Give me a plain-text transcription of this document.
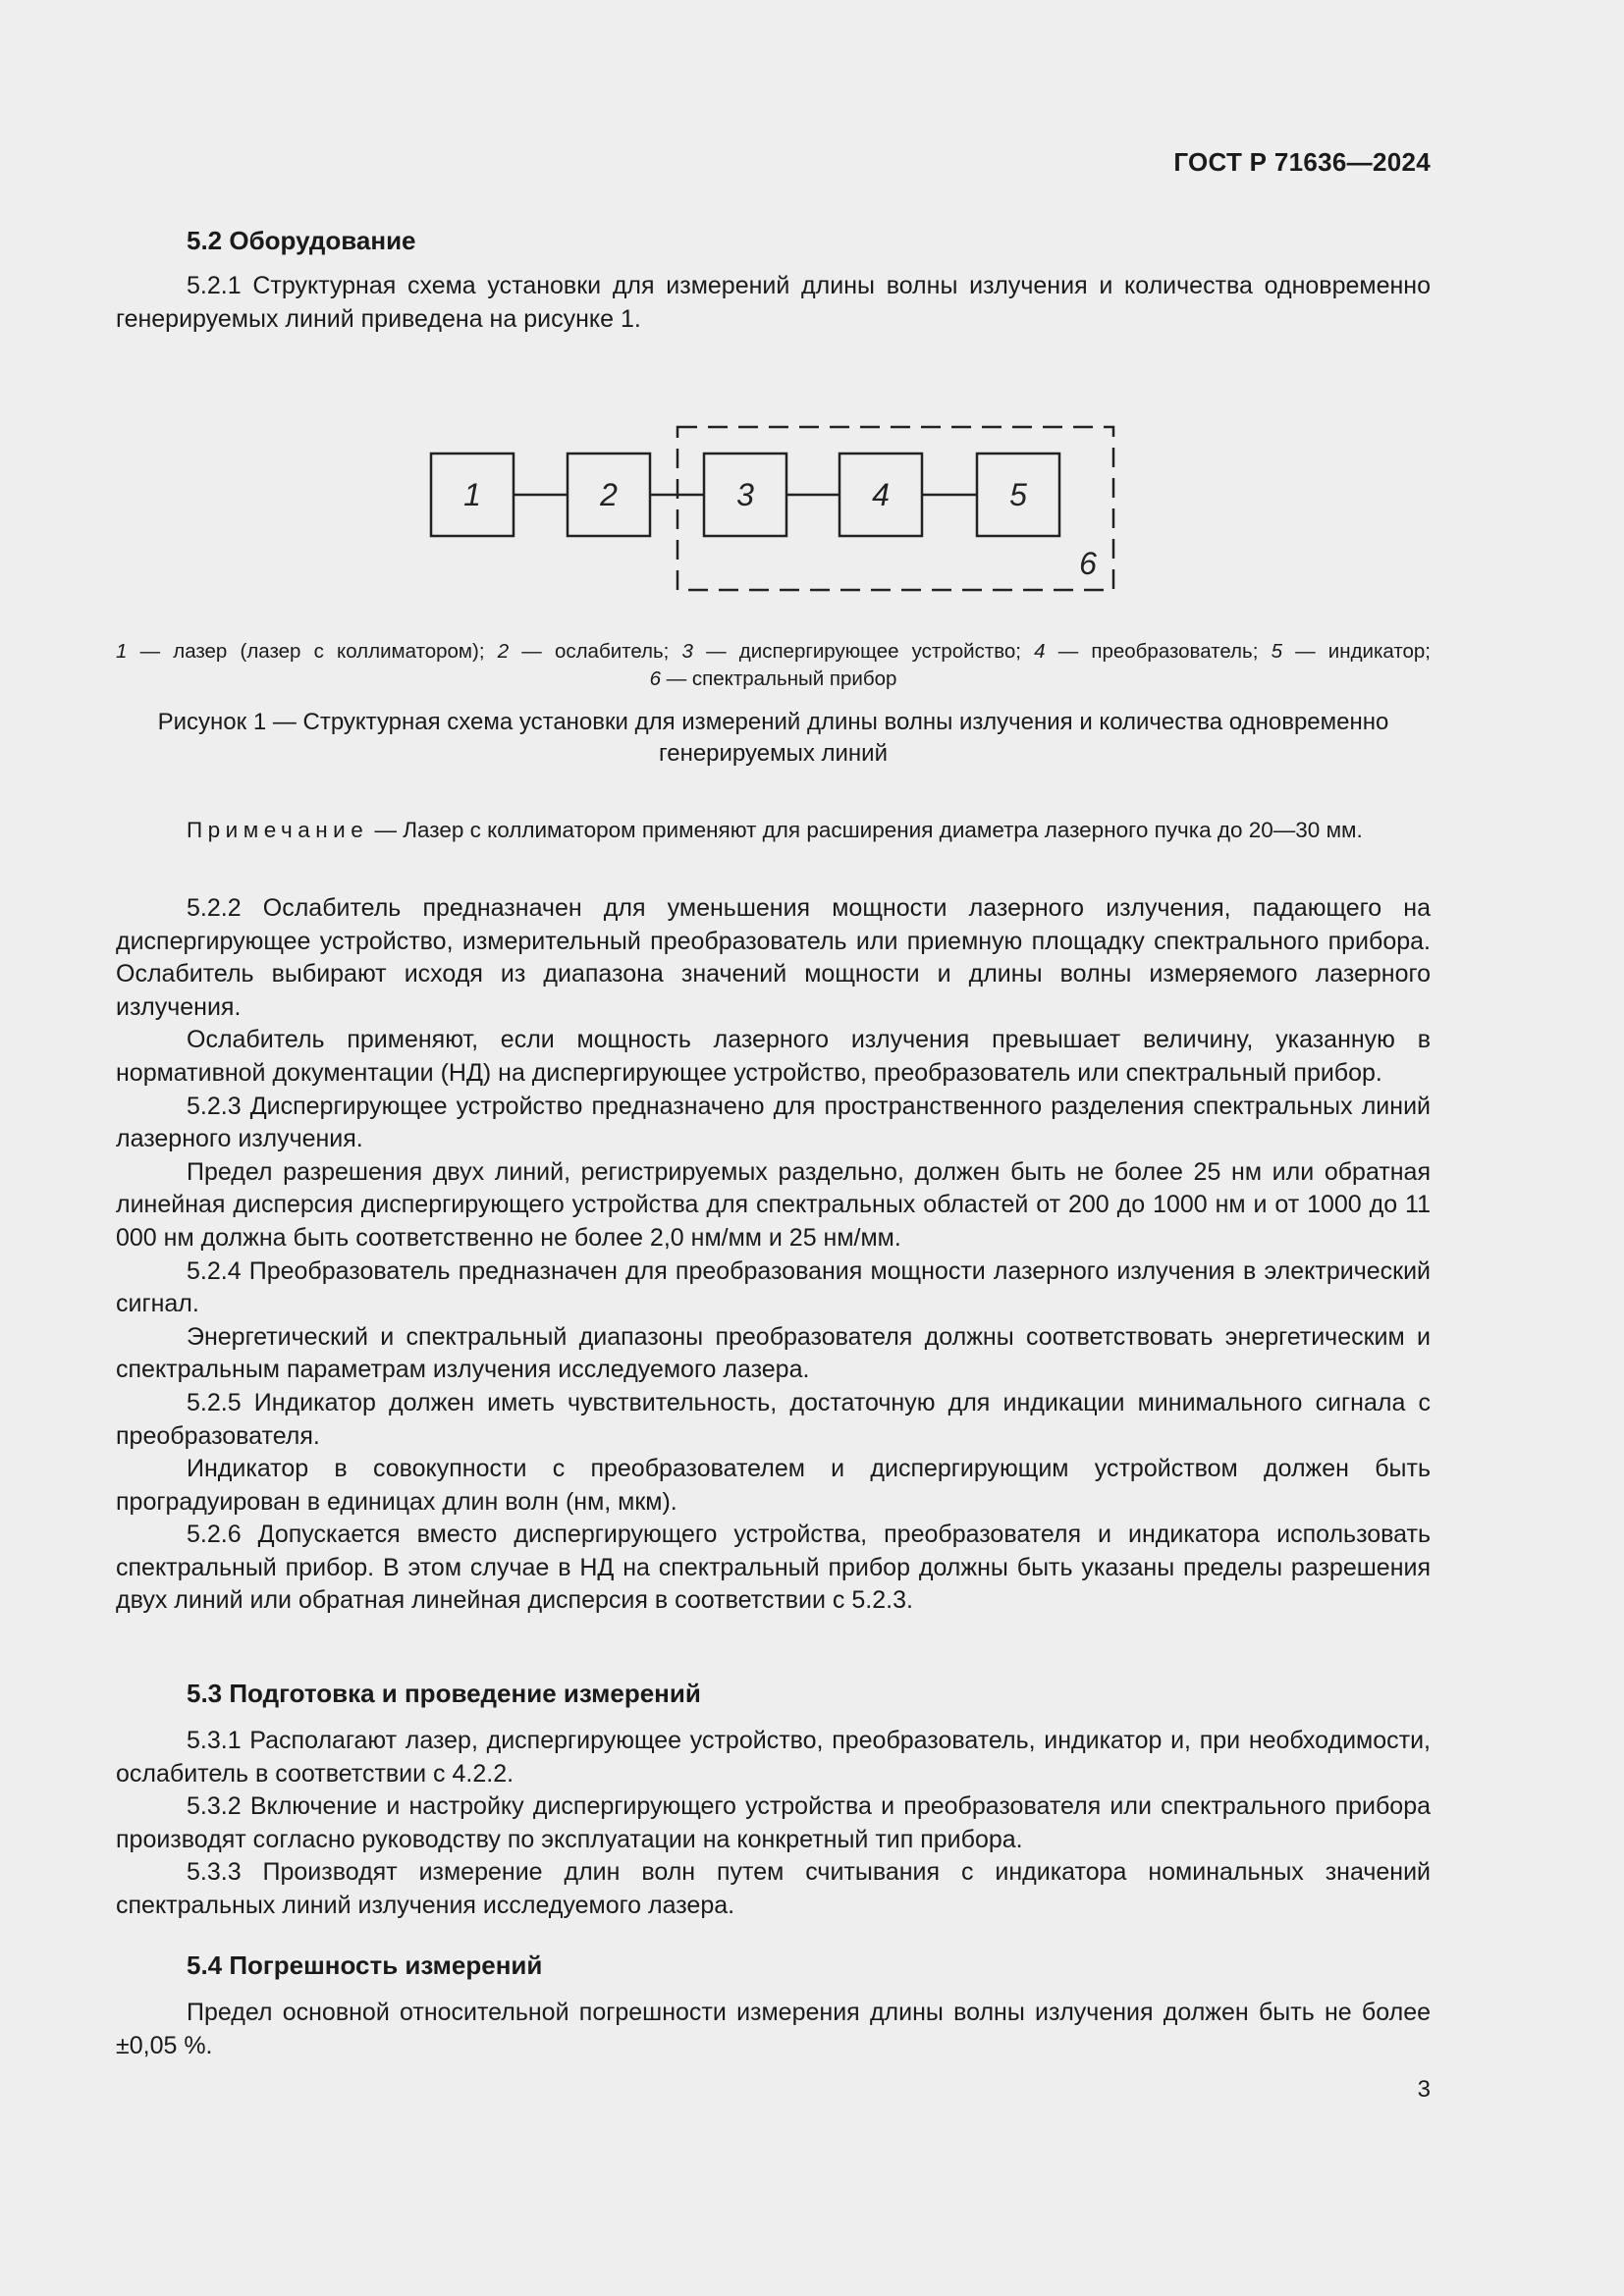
ГОСТ Р 71636—2024

5.2 Оборудование

5.2.1 Структурная схема установки для измерений длины волны излучения и количества одновременно генерируемых линий приведена на рисунке 1.

1	2	3	4	5
6

1 — лазер (лазер с коллиматором); 2 — ослабитель; 3 — диспергирующее устройство; 4 — преобразователь; 5 — индикатор;

6 — спектральный прибор

Рисунок 1 — Структурная схема установки для измерений длины волны излучения и количества одновременно

генерируемых линий

Примечание — Лазер с коллиматором применяют для расширения диаметра лазерного пучка до 20—30 мм.

5.2.2 Ослабитель предназначен для уменьшения мощности лазерного излучения, падающего на диспергирующее устройство, измерительный преобразователь или приемную площадку спектрального прибора. Ослабитель выбирают исходя из диапазона значений мощности и длины волны измеряемого лазерного излучения.

Ослабитель применяют, если мощность лазерного излучения превышает величину, указанную в нормативной документации (НД) на диспергирующее устройство, преобразователь или спектральный прибор.

5.2.3 Диспергирующее устройство предназначено для пространственного разделения спектральных линий лазерного излучения.

Предел разрешения двух линий, регистрируемых раздельно, должен быть не более 25 нм или обратная линейная дисперсия диспергирующего устройства для спектральных областей от 200 до 1000 нм и от 1000 до 11 000 нм должна быть соответственно не более 2,0 нм/мм и 25 нм/мм.

5.2.4 Преобразователь предназначен для преобразования мощности лазерного излучения в электрический сигнал.

Энергетический и спектральный диапазоны преобразователя должны соответствовать энергетическим и спектральным параметрам излучения исследуемого лазера.

5.2.5 Индикатор должен иметь чувствительность, достаточную для индикации минимального сигнала с преобразователя.

Индикатор в совокупности с преобразователем и диспергирующим устройством должен быть проградуирован в единицах длин волн (нм, мкм).

5.2.6 Допускается вместо диспергирующего устройства, преобразователя и индикатора использовать спектральный прибор. В этом случае в НД на спектральный прибор должны быть указаны пределы разрешения двух линий или обратная линейная дисперсия в соответствии с 5.2.3.

5.3 Подготовка и проведение измерений

5.3.1 Располагают лазер, диспергирующее устройство, преобразователь, индикатор и, при необходимости, ослабитель в соответствии с 4.2.2.

5.3.2 Включение и настройку диспергирующего устройства и преобразователя или спектрального прибора производят согласно руководству по эксплуатации на конкретный тип прибора.

5.3.3 Производят измерение длин волн путем считывания с индикатора номинальных значений спектральных линий излучения исследуемого лазера.

5.4 Погрешность измерений

Предел основной относительной погрешности измерения длины волны излучения должен быть не более ±0,05 %.

3
